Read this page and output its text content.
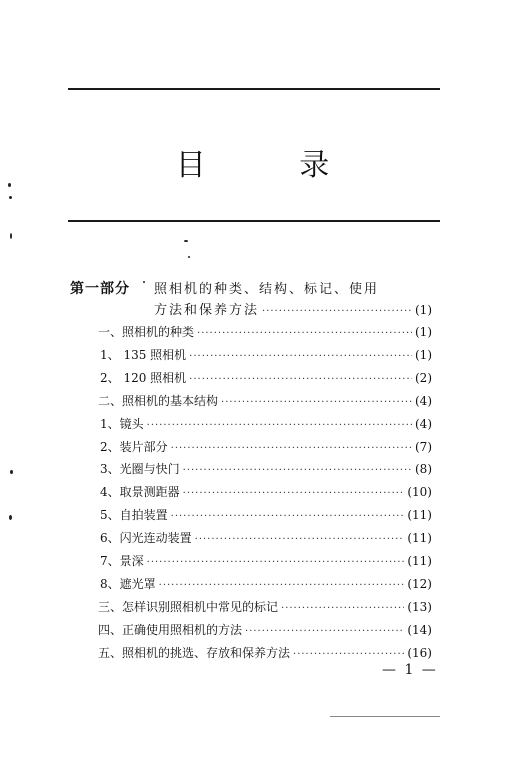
目 录
第一部分 照相机的种类、结构、标记、使用
方法和保养方法 ·····	(1)
一、照相机的种类 ·····	(1)
1、 135 照相机 ·····	(1)
2、 120 照相机 ·····	(2)
二、照相机的基本结构 ·····	(4)
1、镜头 ·····	(4)
2、装片部分 ·····	(7)
3、光圈与快门 ·····	(8)
4、取景测距器 ·····	(10)
5、自拍装置 ·····	(11)
6、闪光连动装置 ·····	(11)
7、景深 ·····	(11)
8、遮光罩 ·····	(12)
三、怎样识别照相机中常见的标记 ·····	(13)
四、正确使用照相机的方法 ·····	(14)
五、照相机的挑选、存放和保养方法 ·····	(16)
— 1 —
